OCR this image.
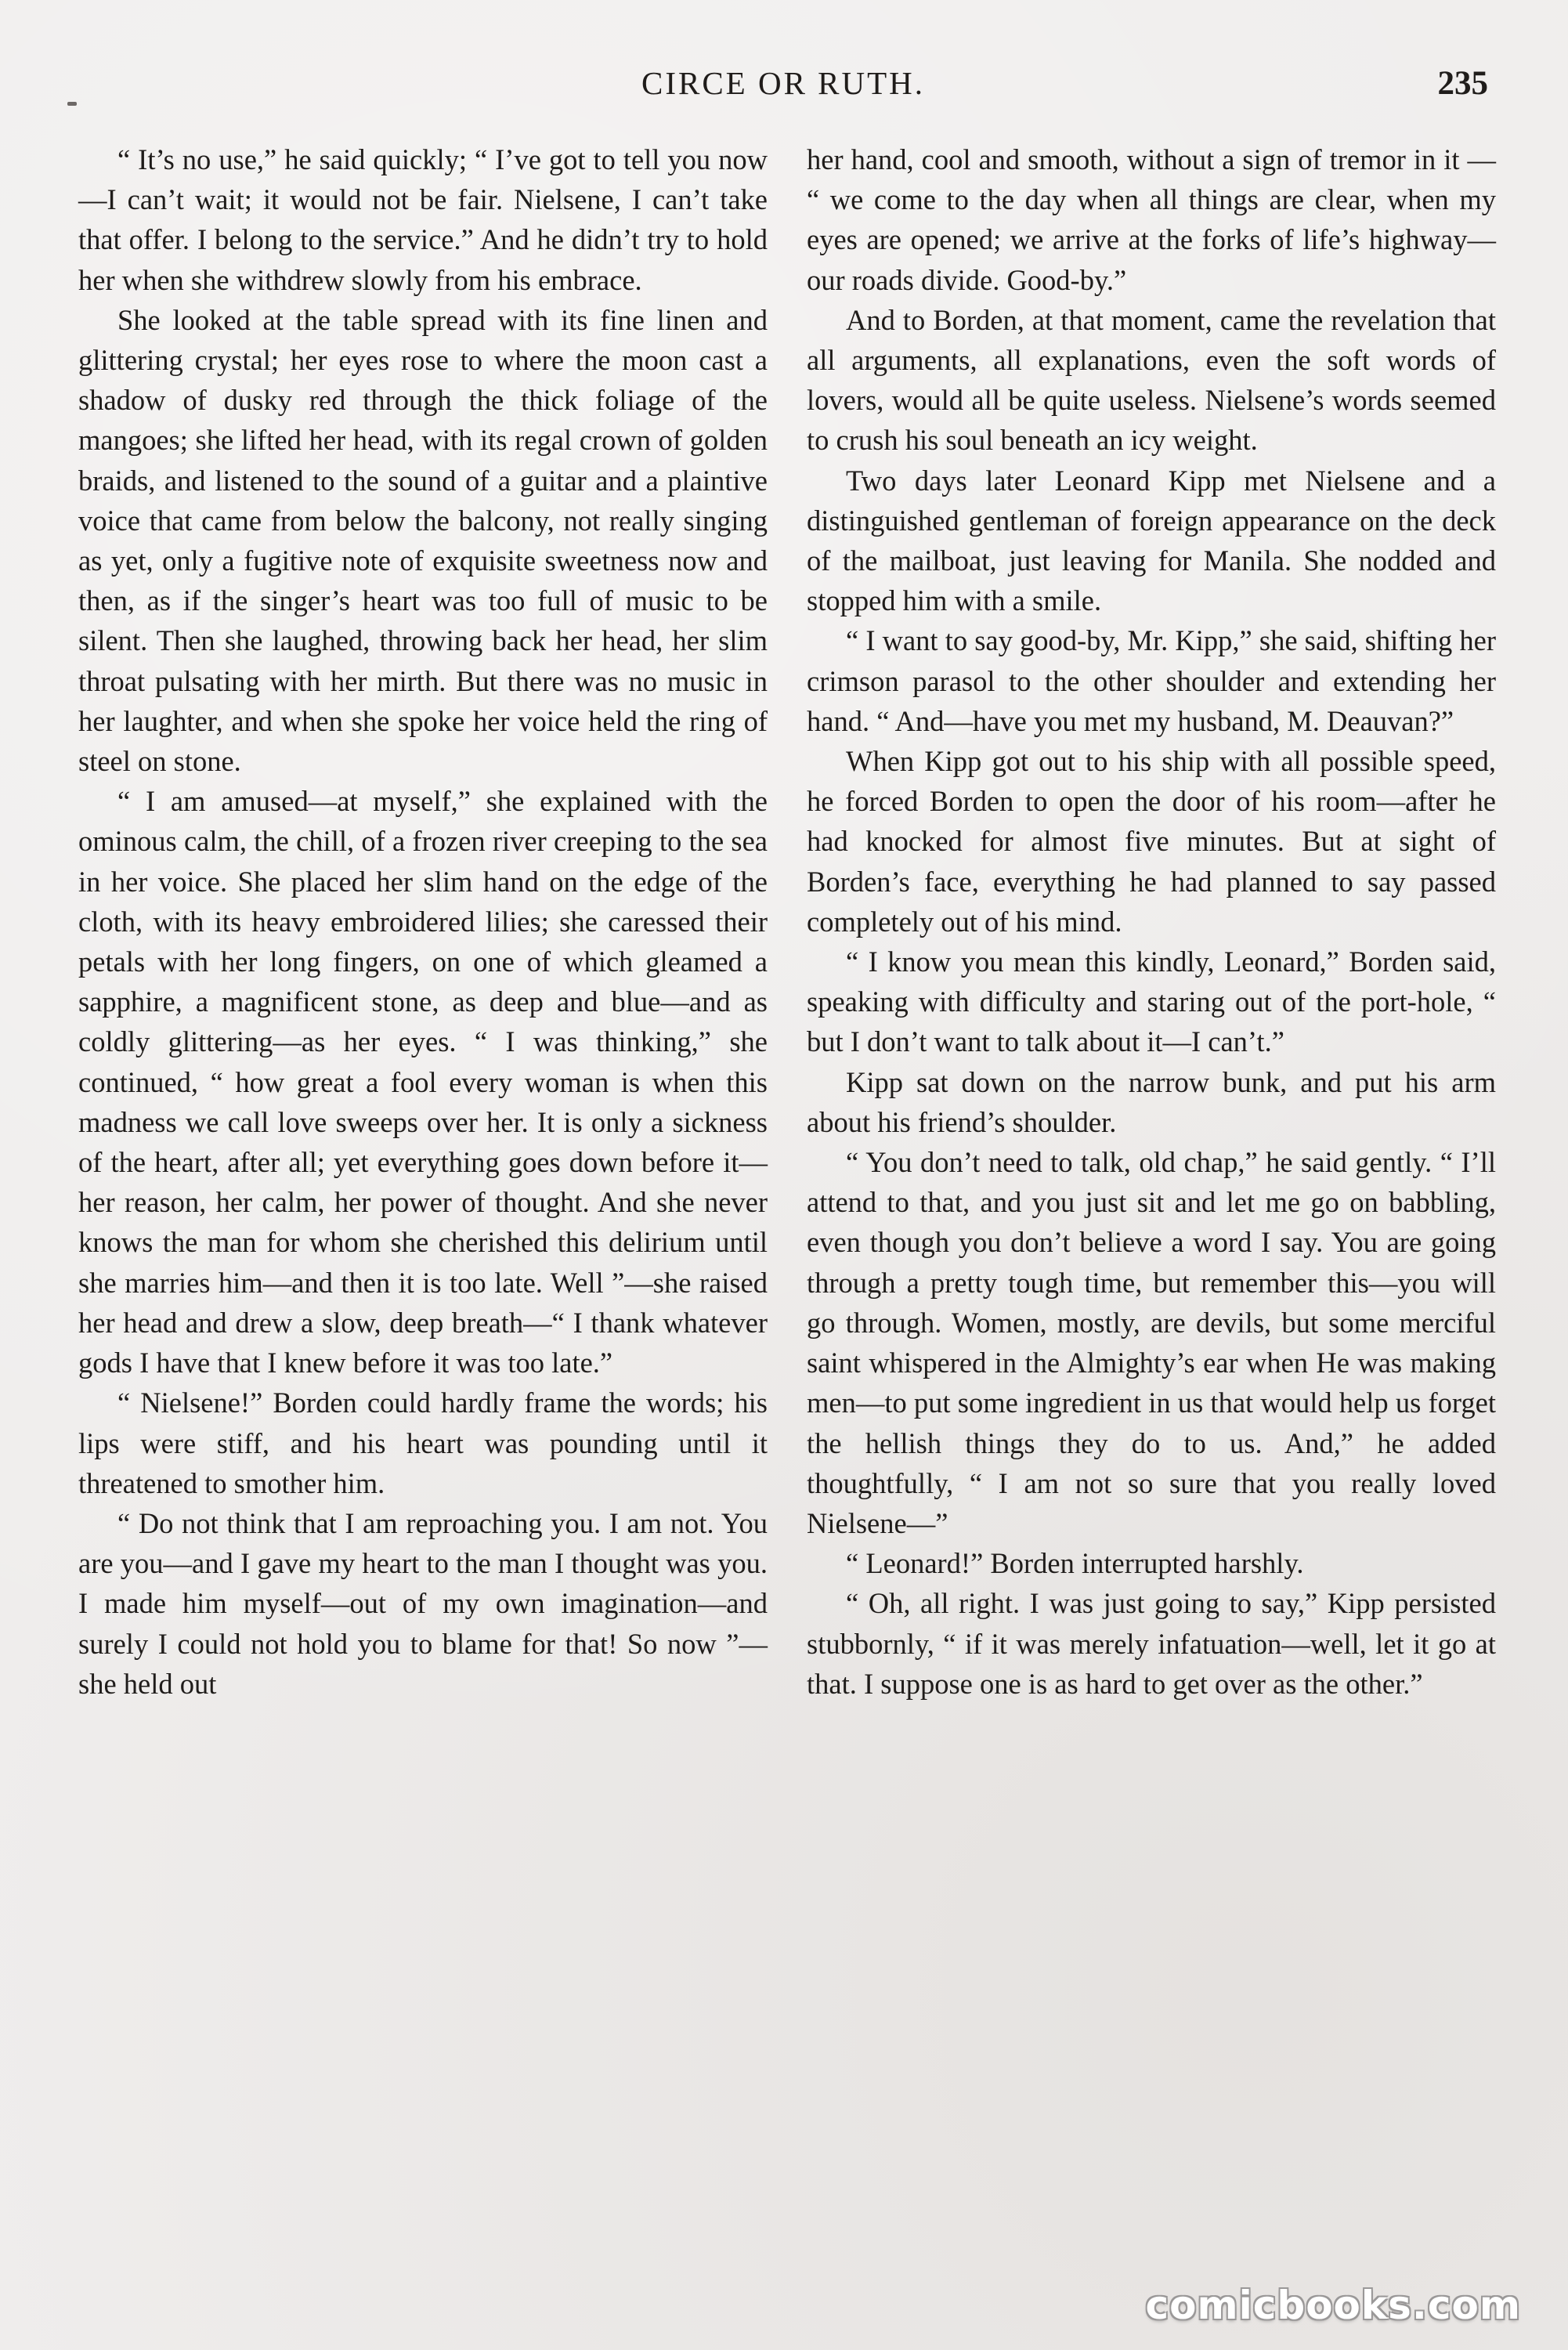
CIRCE OR RUTH.	235

“ It’s no use,” he said quickly; “ I’ve got to tell you now—I can’t wait; it would not be fair. Nielsene, I can’t take that offer. I belong to the service.” And he didn’t try to hold her when she withdrew slowly from his embrace.

She looked at the table spread with its fine linen and glittering crystal; her eyes rose to where the moon cast a shadow of dusky red through the thick foliage of the mangoes; she lifted her head, with its regal crown of golden braids, and listened to the sound of a guitar and a plaintive voice that came from below the balcony, not really singing as yet, only a fugitive note of exquisite sweetness now and then, as if the singer’s heart was too full of music to be silent. Then she laughed, throwing back her head, her slim throat pulsating with her mirth. But there was no music in her laughter, and when she spoke her voice held the ring of steel on stone.

“ I am amused—at myself,” she explained with the ominous calm, the chill, of a frozen river creeping to the sea in her voice. She placed her slim hand on the edge of the cloth, with its heavy embroidered lilies; she caressed their petals with her long fingers, on one of which gleamed a sapphire, a magnificent stone, as deep and blue—and as coldly glittering—as her eyes. “ I was thinking,” she continued, “ how great a fool every woman is when this madness we call love sweeps over her. It is only a sickness of the heart, after all; yet everything goes down before it—her reason, her calm, her power of thought. And she never knows the man for whom she cherished this delirium until she marries him—and then it is too late. Well ”—she raised her head and drew a slow, deep breath—“ I thank whatever gods I have that I knew before it was too late.”

“ Nielsene!” Borden could hardly frame the words; his lips were stiff, and his heart was pounding until it threatened to smother him.

“ Do not think that I am reproaching you. I am not. You are you—and I gave my heart to the man I thought was you. I made him myself—out of my own imagination—and surely I could not hold you to blame for that! So now ”—she held out

her hand, cool and smooth, without a sign of tremor in it — “ we come to the day when all things are clear, when my eyes are opened; we arrive at the forks of life’s highway—our roads divide. Good-by.”

And to Borden, at that moment, came the revelation that all arguments, all explanations, even the soft words of lovers, would all be quite useless. Nielsene’s words seemed to crush his soul beneath an icy weight.

Two days later Leonard Kipp met Nielsene and a distinguished gentleman of foreign appearance on the deck of the mailboat, just leaving for Manila. She nodded and stopped him with a smile.

“ I want to say good-by, Mr. Kipp,” she said, shifting her crimson parasol to the other shoulder and extending her hand. “ And—have you met my husband, M. Deauvan?”

When Kipp got out to his ship with all possible speed, he forced Borden to open the door of his room—after he had knocked for almost five minutes. But at sight of Borden’s face, everything he had planned to say passed completely out of his mind.

“ I know you mean this kindly, Leonard,” Borden said, speaking with difficulty and staring out of the port-hole, “ but I don’t want to talk about it—I can’t.”

Kipp sat down on the narrow bunk, and put his arm about his friend’s shoulder.

“ You don’t need to talk, old chap,” he said gently. “ I’ll attend to that, and you just sit and let me go on babbling, even though you don’t believe a word I say. You are going through a pretty tough time, but remember this—you will go through. Women, mostly, are devils, but some merciful saint whispered in the Almighty’s ear when He was making men—to put some ingredient in us that would help us forget the hellish things they do to us. And,” he added thoughtfully, “ I am not so sure that you really loved Nielsene—”

“ Leonard!” Borden interrupted harshly.

“ Oh, all right. I was just going to say,” Kipp persisted stubbornly, “ if it was merely infatuation—well, let it go at that. I suppose one is as hard to get over as the other.”

comicbooks.com
